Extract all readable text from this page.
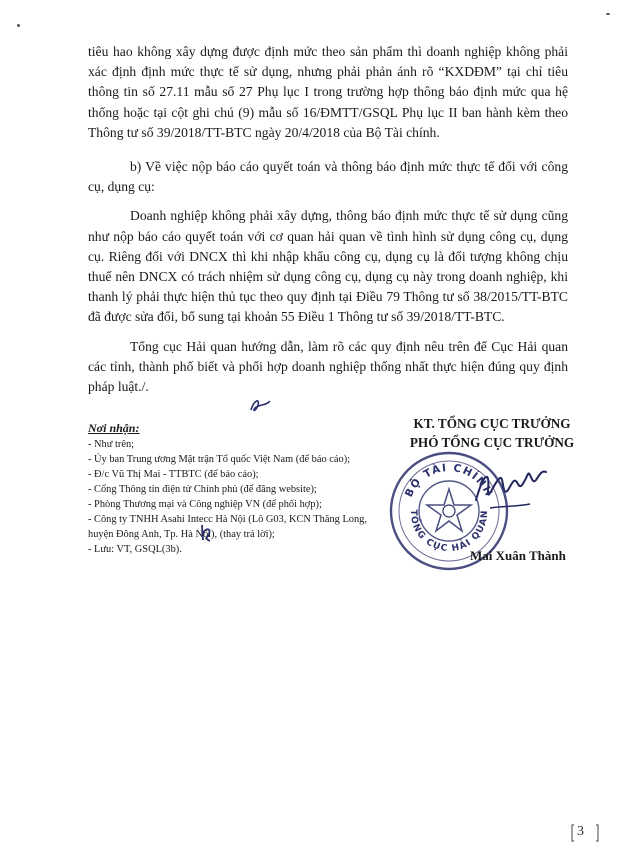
tiêu hao không xây dựng được định mức theo sản phẩm thì doanh nghiệp không phải xác định định mức thực tế sử dụng, nhưng phải phản ánh rõ “KXDĐM” tại chỉ tiêu thông tin số 27.11 mẫu số 27 Phụ lục I trong trường hợp thông báo định mức qua hệ thống hoặc tại cột ghi chú (9) mẫu số 16/ĐMTT/GSQL Phụ lục II ban hành kèm theo Thông tư số 39/2018/TT-BTC ngày 20/4/2018 của Bộ Tài chính.

b) Về việc nộp báo cáo quyết toán và thông báo định mức thực tế đối với công cụ, dụng cụ:

Doanh nghiệp không phải xây dựng, thông báo định mức thực tế sử dụng cũng như nộp báo cáo quyết toán với cơ quan hải quan về tình hình sử dụng công cụ, dụng cụ. Riêng đối với DNCX thì khi nhập khẩu công cụ, dụng cụ là đối tượng không chịu thuế nên DNCX có trách nhiệm sử dụng công cụ, dụng cụ này trong doanh nghiệp, khi thanh lý phải thực hiện thủ tục theo quy định tại Điều 79 Thông tư số 38/2015/TT-BTC đã được sửa đổi, bổ sung tại khoản 55 Điều 1 Thông tư số 39/2018/TT-BTC.

Tổng cục Hải quan hướng dẫn, làm rõ các quy định nêu trên để Cục Hải quan các tỉnh, thành phố biết và phối hợp doanh nghiệp thống nhất thực hiện đúng quy định pháp luật./.

Nơi nhận:
- Như trên;
- Ủy ban Trung ương Mặt trận Tổ quốc Việt Nam (để báo cáo);
- Đ/c Vũ Thị Mai - TTBTC (để báo cáo);
- Cổng Thông tin điện tử Chính phủ (để đăng website);
- Phòng Thương mại và Công nghiệp VN (để phối hợp);
- Công ty TNHH Asahi Intecc Hà Nội (Lô G03, KCN Thăng Long, huyện Đông Anh, Tp. Hà Nội), (thay trả lời);
- Lưu: VT, GSQL(3b).
KT. TỔNG CỤC TRƯỞNG
PHÓ TỔNG CỤC TRƯỞNG
BỘ TÀI CHÍNH
TỔNG CỤC HẢI QUAN
Mai Xuân Thành
3
